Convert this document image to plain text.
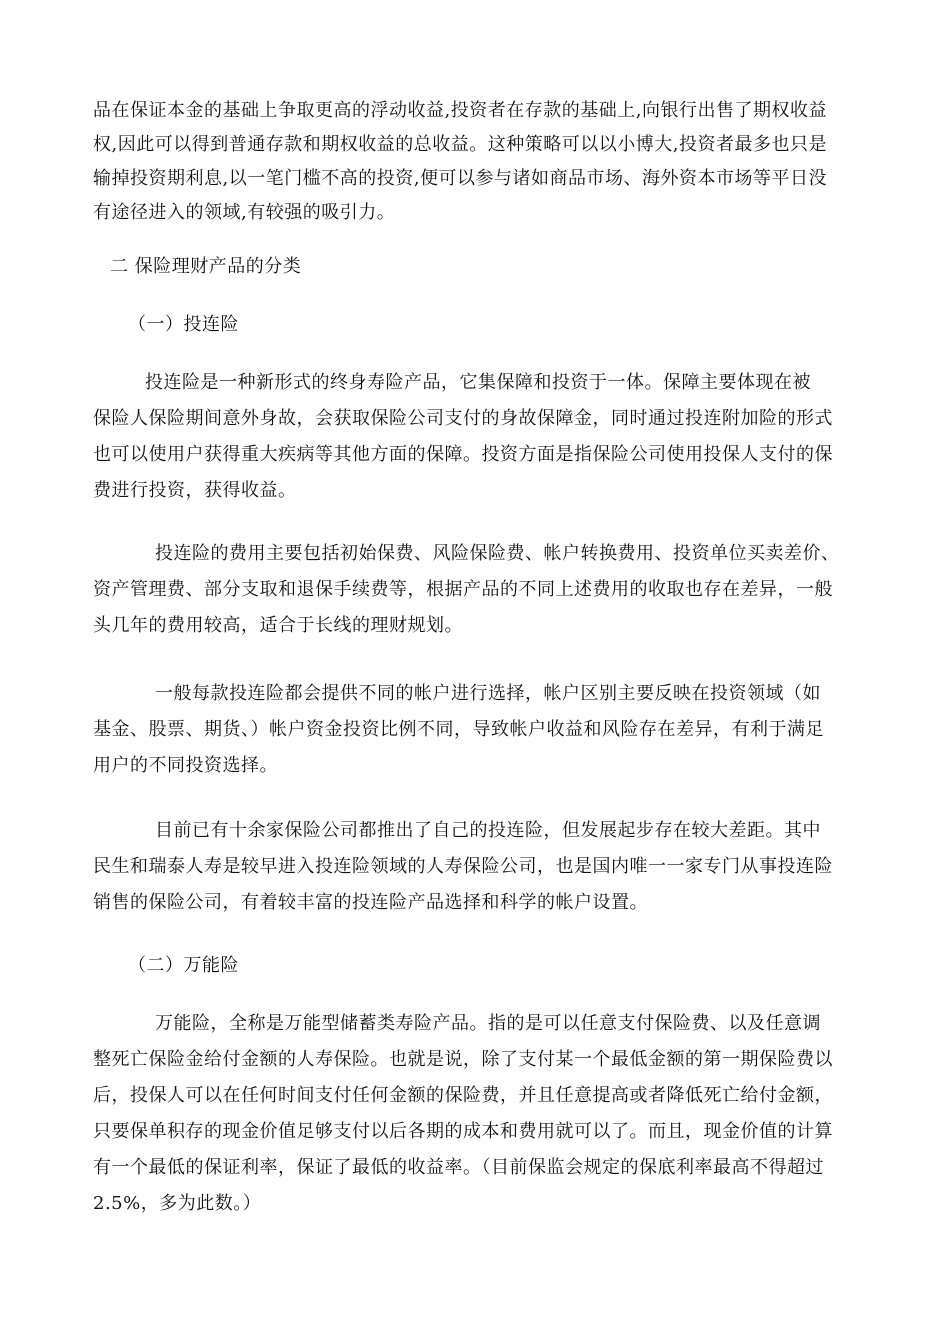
品在保证本金的基础上争取更高的浮动收益,投资者在存款的基础上,向银行出售了期权收益
权,因此可以得到普通存款和期权收益的总收益。这种策略可以以小博大,投资者最多也只是
输掉投资期利息,以一笔门槛不高的投资,便可以参与诸如商品市场、海外资本市场等平日没
有途径进入的领域,有较强的吸引力。
二 保险理财产品的分类
（一）投连险
投连险是一种新形式的终身寿险产品，它集保障和投资于一体。保障主要体现在被
保险人保险期间意外身故，会获取保险公司支付的身故保障金，同时通过投连附加险的形式
也可以使用户获得重大疾病等其他方面的保障。投资方面是指保险公司使用投保人支付的保
费进行投资，获得收益。
投连险的费用主要包括初始保费、风险保险费、帐户转换费用、投资单位买卖差价、
资产管理费、部分支取和退保手续费等，根据产品的不同上述费用的收取也存在差异，一般
头几年的费用较高，适合于长线的理财规划。
一般每款投连险都会提供不同的帐户进行选择，帐户区别主要反映在投资领域（如
基金、股票、期货、）帐户资金投资比例不同，导致帐户收益和风险存在差异，有利于满足
用户的不同投资选择。
目前已有十余家保险公司都推出了自己的投连险，但发展起步存在较大差距。其中
民生和瑞泰人寿是较早进入投连险领域的人寿保险公司，也是国内唯一一家专门从事投连险
销售的保险公司，有着较丰富的投连险产品选择和科学的帐户设置。
（二）万能险
万能险，全称是万能型储蓄类寿险产品。指的是可以任意支付保险费、以及任意调
整死亡保险金给付金额的人寿保险。也就是说，除了支付某一个最低金额的第一期保险费以
后，投保人可以在任何时间支付任何金额的保险费，并且任意提高或者降低死亡给付金额，
只要保单积存的现金价值足够支付以后各期的成本和费用就可以了。而且，现金价值的计算
有一个最低的保证利率，保证了最低的收益率。（目前保监会规定的保底利率最高不得超过
2.5%，多为此数。）
